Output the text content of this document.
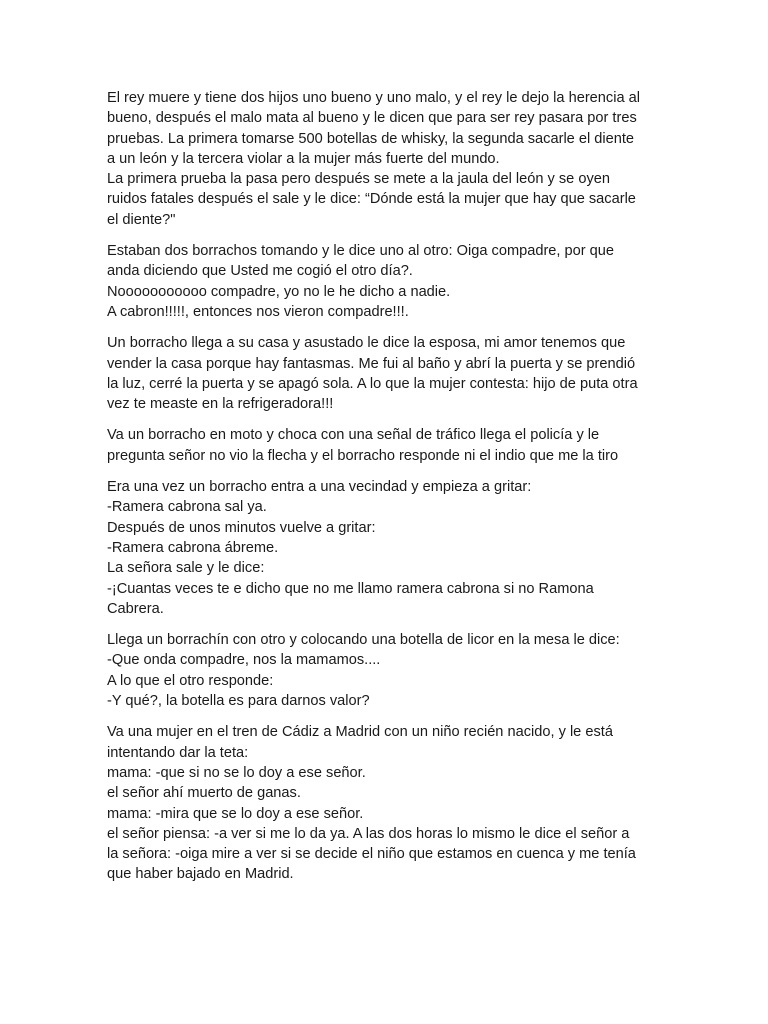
El rey muere y tiene dos hijos uno bueno y uno malo, y el rey le dejo la herencia al
bueno, después el malo mata al bueno y le dicen que para ser rey pasara por tres
pruebas. La primera tomarse 500 botellas de whisky, la segunda sacarle el diente
a un león y la tercera violar a la mujer más fuerte del mundo.
La primera prueba la pasa pero después se mete a la jaula del león y se oyen
ruidos fatales después el sale y le dice: “Dónde está la mujer que hay que sacarle
el diente?"

Estaban dos borrachos tomando y le dice uno al otro: Oiga compadre, por que
anda diciendo que Usted me cogió el otro día?.
Nooooooooooo compadre, yo no le he dicho a nadie.
A cabron!!!!!, entonces nos vieron compadre!!!.

Un borracho llega a su casa y asustado le dice la esposa, mi amor tenemos que
vender la casa porque hay fantasmas. Me fui al baño y abrí la puerta y se prendió
la luz, cerré la puerta y se apagó sola. A lo que la mujer contesta: hijo de puta otra
vez te measte en la refrigeradora!!!

Va un borracho en moto y choca con una señal de tráfico llega el policía y le
pregunta señor no vio la flecha y el borracho responde ni el indio que me la tiro

Era una vez un borracho entra a una vecindad y empieza a gritar:
-Ramera cabrona sal ya.
Después de unos minutos vuelve a gritar:
-Ramera cabrona ábreme.
La señora sale y le dice:
-¡Cuantas veces te e dicho que no me llamo ramera cabrona si no Ramona
Cabrera.

Llega un borrachín con otro y colocando una botella de licor en la mesa le dice:
-Que onda compadre, nos la mamamos....
A lo que el otro responde:
-Y qué?, la botella es para darnos valor?

Va una mujer en el tren de Cádiz a Madrid con un niño recién nacido, y le está
intentando dar la teta:
mama: -que si no se lo doy a ese señor.
el señor ahí muerto de ganas.
mama: -mira que se lo doy a ese señor.
el señor piensa: -a ver si me lo da ya. A las dos horas lo mismo le dice el señor a
la señora: -oiga mire a ver si se decide el niño que estamos en cuenca y me tenía
que haber bajado en Madrid.
